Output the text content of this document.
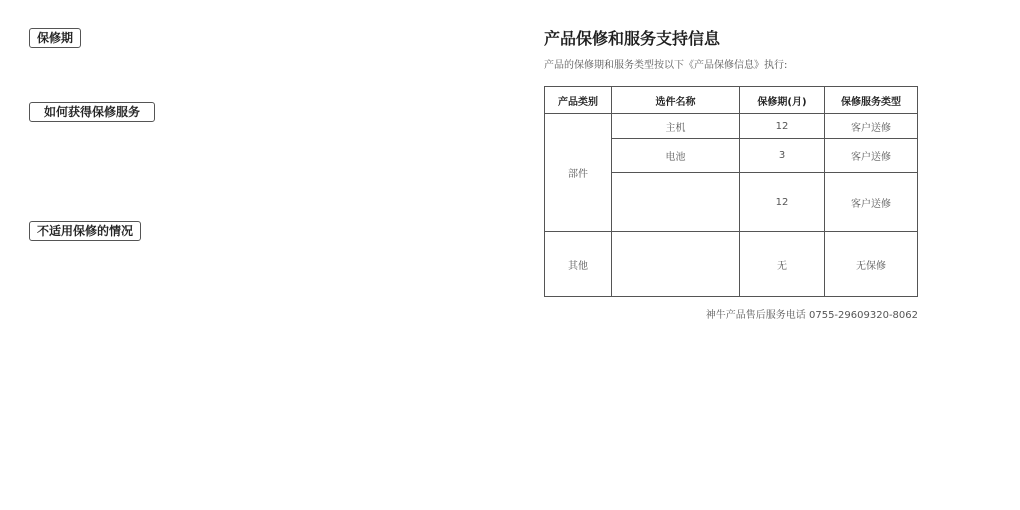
保修期
如何获得保修服务
不适用保修的情况
产品保修和服务支持信息
产品的保修期和服务类型按以下《产品保修信息》执行:
产品类别	选件名称	保修期(月)	保修服务类型
部件	主机	12	客户送修
	电池	3	客户送修
		12	客户送修
其他		无	无保修
神牛产品售后服务电话 0755-29609320-8062
